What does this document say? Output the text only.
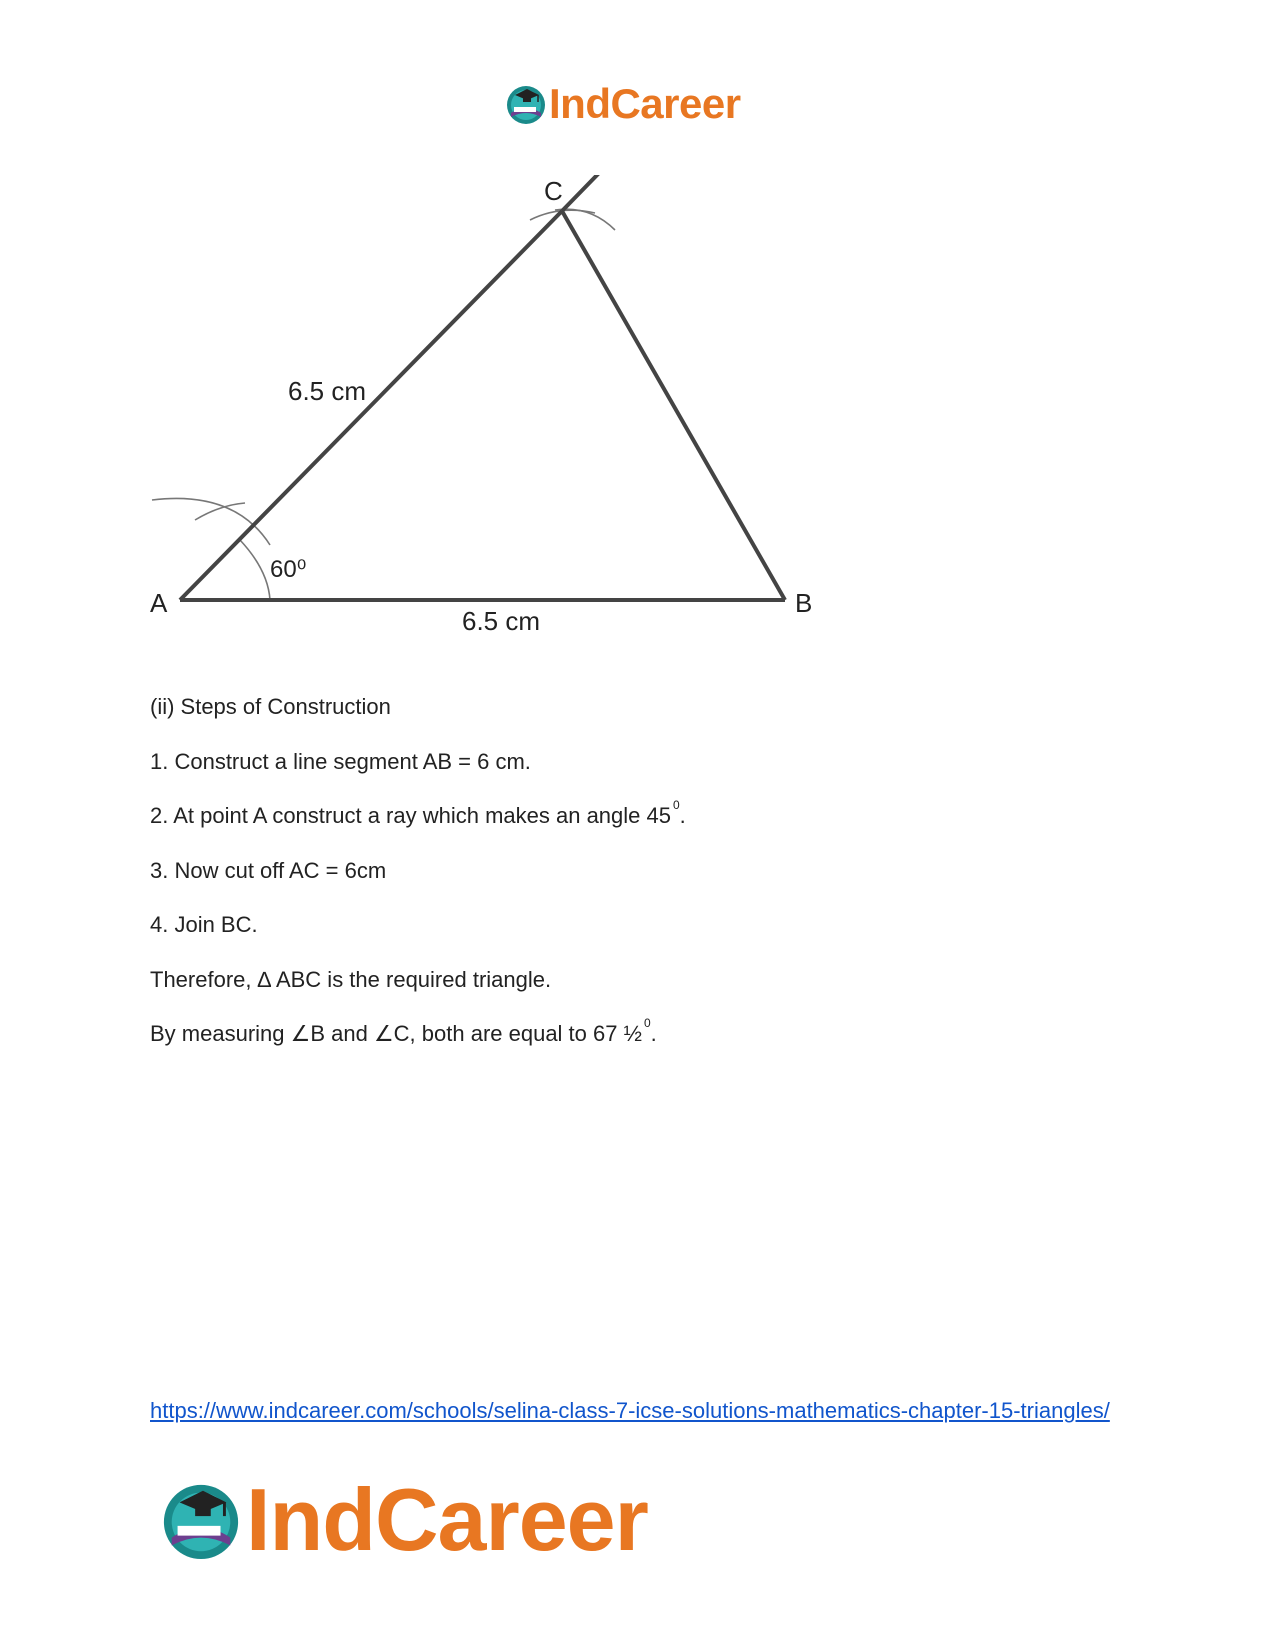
IndCareer
A	B
C
6.5 cm
6.5 cm
60⁰

(ii) Steps of Construction

1. Construct a line segment AB = 6 cm.

2. At point A construct a ray which makes an angle 45 $^0$.

3. Now cut off AC = 6cm

4. Join BC.

Therefore, ∆ ABC is the required triangle.

By measuring ∠B and ∠C, both are equal to 67 ½ $^0$.

https://www.indcareer.com/schools/selina-class-7-icse-solutions-mathematics-chapter-15-triangles/
IndCareer
